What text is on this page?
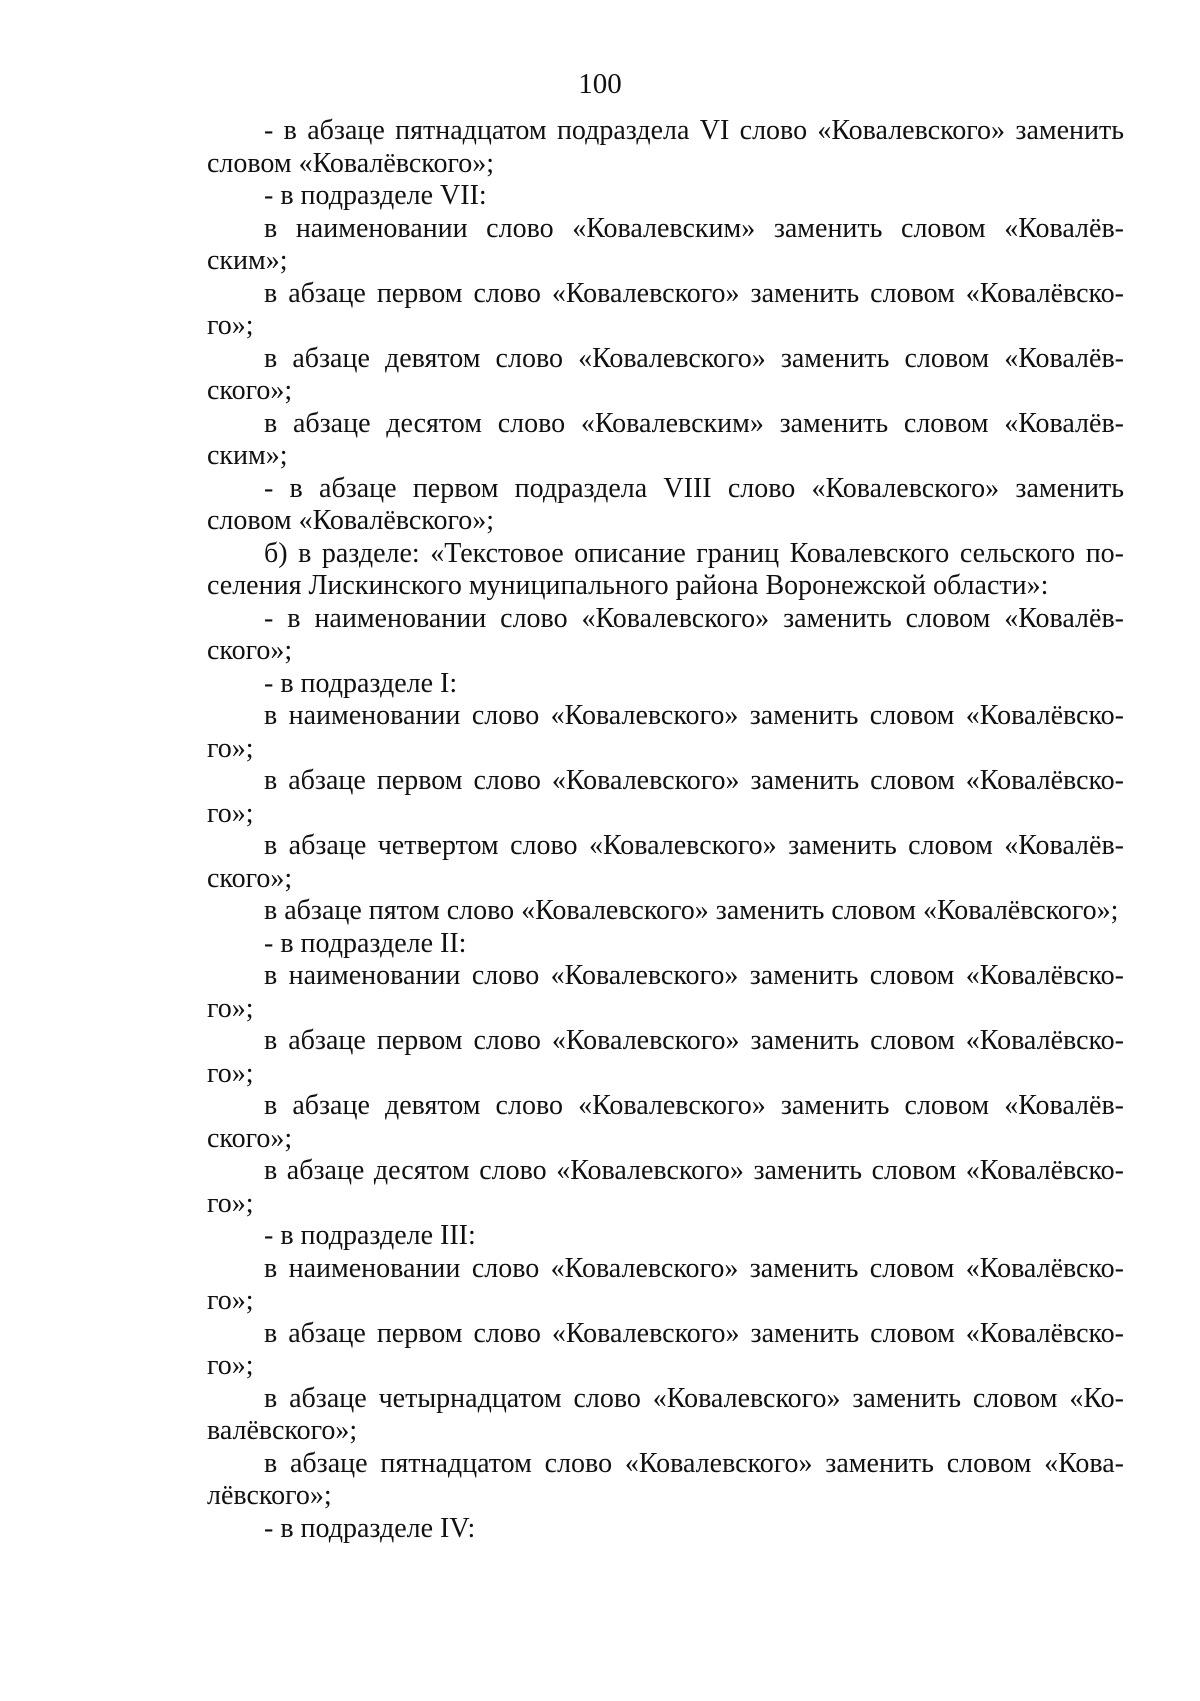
100

- в абзаце пятнадцатом подраздела VI слово «Ковалевского» заменить словом «Ковалёвского»;

- в подразделе VII:

в наименовании слово «Ковалевским» заменить словом «Ковалёвским»;

в абзаце первом слово «Ковалевского» заменить словом «Ковалёвского»;

в абзаце девятом слово «Ковалевского» заменить словом «Ковалёвского»;

в абзаце десятом слово «Ковалевским» заменить словом «Ковалёвским»;

- в абзаце первом подраздела VIII слово «Ковалевского» заменить словом «Ковалёвского»;

б) в разделе: «Текстовое описание границ Ковалевского сельского поселения Лискинского муниципального района Воронежской области»:

- в наименовании слово «Ковалевского» заменить словом «Ковалёвского»;

- в подразделе I:

в наименовании слово «Ковалевского» заменить словом «Ковалёвского»;

в абзаце первом слово «Ковалевского» заменить словом «Ковалёвского»;

в абзаце четвертом слово «Ковалевского» заменить словом «Ковалёвского»;

в абзаце пятом слово «Ковалевского» заменить словом «Ковалёвского»;

- в подразделе II:

в наименовании слово «Ковалевского» заменить словом «Ковалёвского»;

в абзаце первом слово «Ковалевского» заменить словом «Ковалёвского»;

в абзаце девятом слово «Ковалевского» заменить словом «Ковалёвского»;

в абзаце десятом слово «Ковалевского» заменить словом «Ковалёвского»;

- в подразделе III:

в наименовании слово «Ковалевского» заменить словом «Ковалёвского»;

в абзаце первом слово «Ковалевского» заменить словом «Ковалёвского»;

в абзаце четырнадцатом слово «Ковалевского» заменить словом «Ковалёвского»;

в абзаце пятнадцатом слово «Ковалевского» заменить словом «Ковалёвского»;

- в подразделе IV:
